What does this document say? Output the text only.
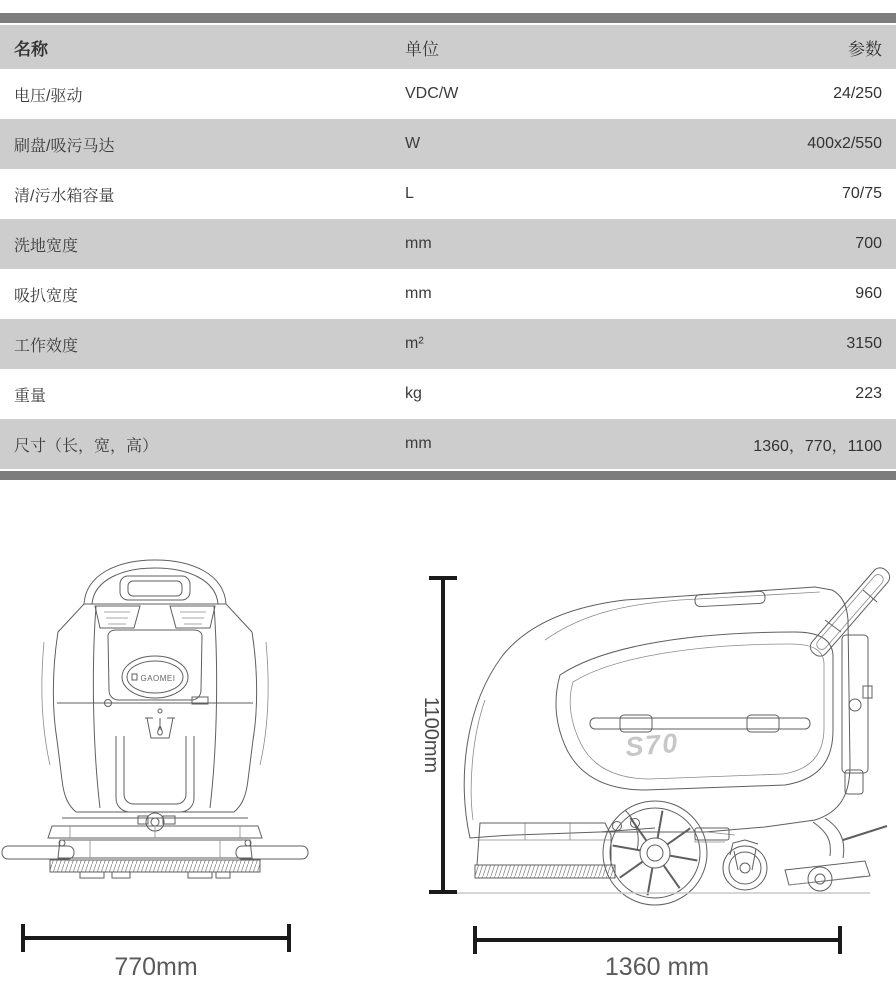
名称	单位	参数
电压/驱动	VDC/W	24/250
刷盘/吸污马达	W	400x2/550
清/污水箱容量	L	70/75
洗地宽度	mm	700
吸扒宽度	mm	960
工作效度	m²	3150
重量	kg	223
尺寸（长，宽，高）	mm	1360，770，1100
GAOMEI
770mm
1100mm	S70
1360 mm
